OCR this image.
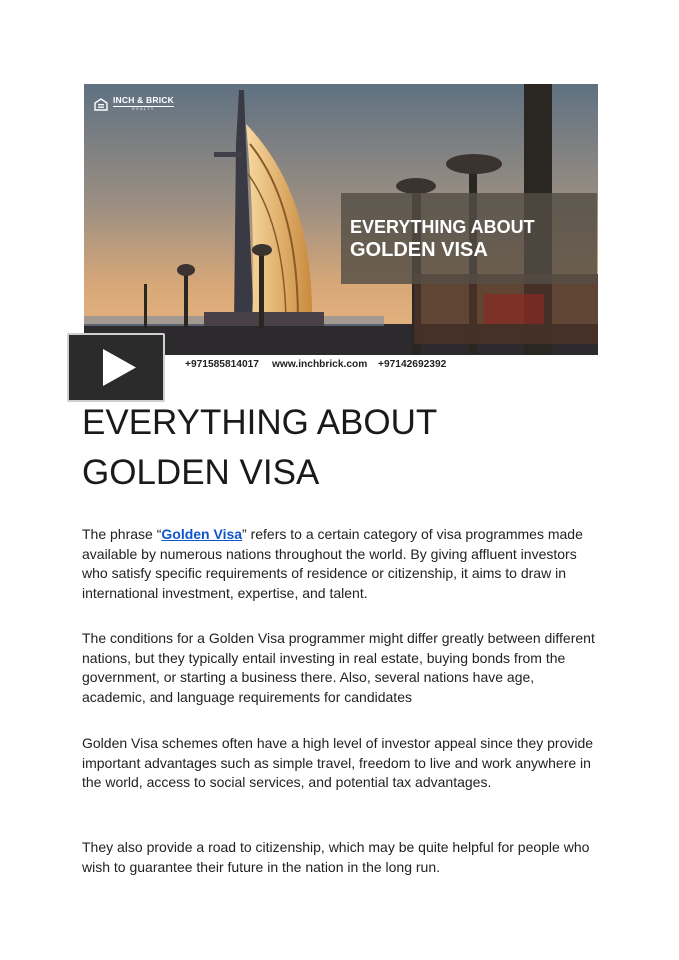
INCH & BRICK
REALTY
EVERYTHING ABOUT
GOLDEN VISA
+971585814017 www.inchbrick.com +97142692392
EVERYTHING ABOUT
GOLDEN VISA

The phrase “Golden Visa” refers to a certain category of visa programmes made available by numerous nations throughout the world. By giving affluent investors who satisfy specific requirements of residence or citizenship, it aims to draw in international investment, expertise, and talent.

The conditions for a Golden Visa programmer might differ greatly between different nations, but they typically entail investing in real estate, buying bonds from the government, or starting a business there. Also, several nations have age, academic, and language requirements for candidates

Golden Visa schemes often have a high level of investor appeal since they provide important advantages such as simple travel, freedom to live and work anywhere in the world, access to social services, and potential tax advantages.

They also provide a road to citizenship, which may be quite helpful for people who wish to guarantee their future in the nation in the long run.
